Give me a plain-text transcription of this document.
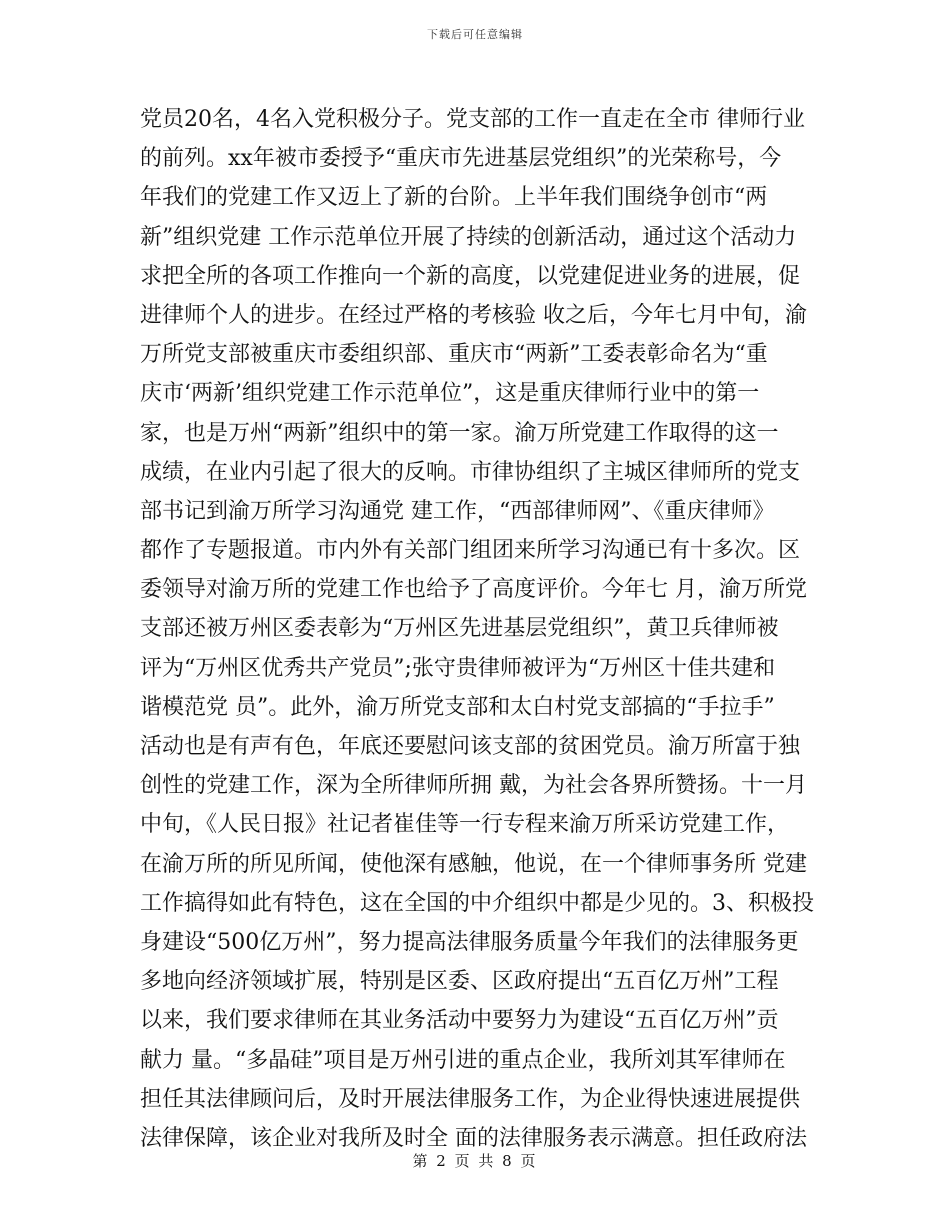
下载后可任意编辑
党员20名，4名入党积极分子。党支部的工作一直走在全市 律师行业
的前列。xx年被市委授予“重庆市先进基层党组织”的光荣称号，今
年我们的党建工作又迈上了新的台阶。上半年我们围绕争创市“两
新”组织党建 工作示范单位开展了持续的创新活动，通过这个活动力
求把全所的各项工作推向一个新的高度，以党建促进业务的进展，促
进律师个人的进步。在经过严格的考核验 收之后，今年七月中旬，渝
万所党支部被重庆市委组织部、重庆市“两新”工委表彰命名为“重
庆市‘两新’组织党建工作示范单位”，这是重庆律师行业中的第一
家，也是万州“两新”组织中的第一家。渝万所党建工作取得的这一
成绩，在业内引起了很大的反响。市律协组织了主城区律师所的党支
部书记到渝万所学习沟通党 建工作，“西部律师网”、《重庆律师》
都作了专题报道。市内外有关部门组团来所学习沟通已有十多次。区
委领导对渝万所的党建工作也给予了高度评价。今年七 月，渝万所党
支部还被万州区委表彰为“万州区先进基层党组织”，黄卫兵律师被
评为“万州区优秀共产党员”;张守贵律师被评为“万州区十佳共建和
谐模范党 员”。此外，渝万所党支部和太白村党支部搞的“手拉手”
活动也是有声有色，年底还要慰问该支部的贫困党员。渝万所富于独
创性的党建工作，深为全所律师所拥 戴，为社会各界所赞扬。十一月
中旬，《人民日报》社记者崔佳等一行专程来渝万所采访党建工作，
在渝万所的所见所闻，使他深有感触，他说，在一个律师事务所 党建
工作搞得如此有特色，这在全国的中介组织中都是少见的。3、积极投
身建设“500亿万州”，努力提高法律服务质量今年我们的法律服务更
多地向经济领域扩展，特别是区委、区政府提出“五百亿万州”工程
以来，我们要求律师在其业务活动中要努力为建设“五百亿万州”贡
献力 量。“多晶硅”项目是万州引进的重点企业，我所刘其军律师在
担任其法律顾问后，及时开展法律服务工作，为企业得快速进展提供
法律保障，该企业对我所及时全 面的法律服务表示满意。担任政府法
第 2 页 共 8 页
